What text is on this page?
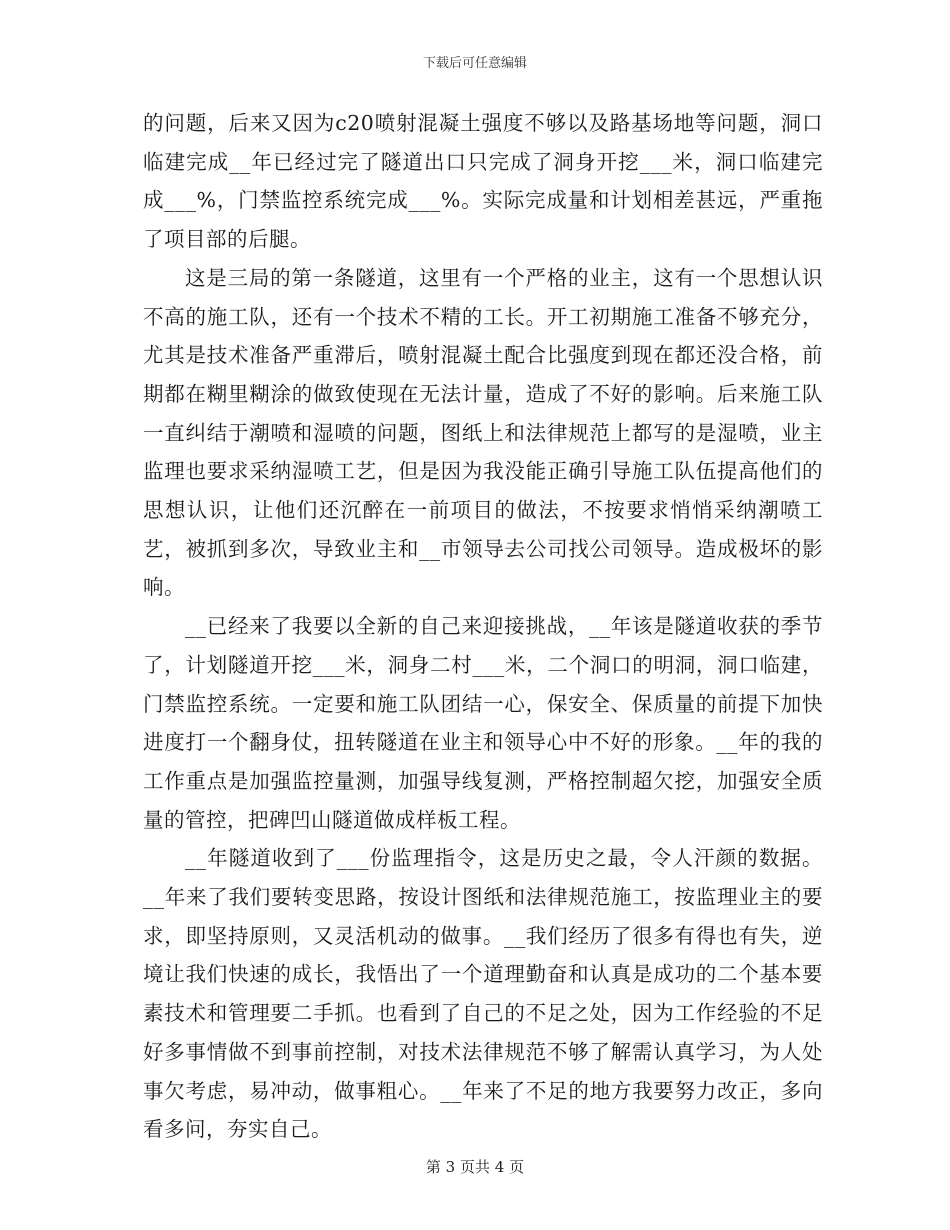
下载后可任意编辑

的问题，后来又因为c20喷射混凝土强度不够以及路基场地等问题，洞口临建完成__年已经过完了隧道出口只完成了洞身开挖___米，洞口临建完成___%，门禁监控系统完成___%。实际完成量和计划相差甚远，严重拖了项目部的后腿。

这是三局的第一条隧道，这里有一个严格的业主，这有一个思想认识不高的施工队，还有一个技术不精的工长。开工初期施工准备不够充分，尤其是技术准备严重滞后，喷射混凝土配合比强度到现在都还没合格，前期都在糊里糊涂的做致使现在无法计量，造成了不好的影响。后来施工队一直纠结于潮喷和湿喷的问题，图纸上和法律规范上都写的是湿喷，业主监理也要求采纳湿喷工艺，但是因为我没能正确引导施工队伍提高他们的思想认识，让他们还沉醉在一前项目的做法，不按要求悄悄采纳潮喷工艺，被抓到多次，导致业主和__市领导去公司找公司领导。造成极坏的影响。

__已经来了我要以全新的自己来迎接挑战，__年该是隧道收获的季节了，计划隧道开挖___米，洞身二村___米，二个洞口的明洞，洞口临建，门禁监控系统。一定要和施工队团结一心，保安全、保质量的前提下加快进度打一个翻身仗，扭转隧道在业主和领导心中不好的形象。__年的我的工作重点是加强监控量测，加强导线复测，严格控制超欠挖，加强安全质量的管控，把碑凹山隧道做成样板工程。

__年隧道收到了___份监理指令，这是历史之最，令人汗颜的数据。__年来了我们要转变思路，按设计图纸和法律规范施工，按监理业主的要求，即坚持原则，又灵活机动的做事。__我们经历了很多有得也有失，逆境让我们快速的成长，我悟出了一个道理勤奋和认真是成功的二个基本要素技术和管理要二手抓。也看到了自己的不足之处，因为工作经验的不足好多事情做不到事前控制，对技术法律规范不够了解需认真学习，为人处事欠考虑，易冲动，做事粗心。__年来了不足的地方我要努力改正，多向看多问，夯实自己。

第 3 页共 4 页
